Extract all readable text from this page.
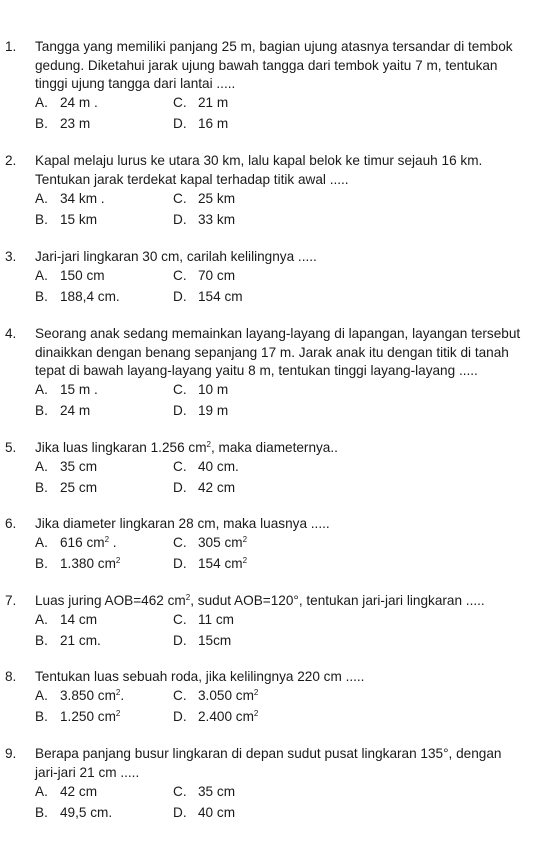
1. Tangga yang memiliki panjang 25 m, bagian ujung atasnya tersandar di tembok
gedung. Diketahui jarak ujung bawah tangga dari tembok yaitu 7 m, tentukan
tinggi ujung tangga dari lantai .....
A. 24 m .	C. 21 m
B. 23 m	D. 16 m
2. Kapal melaju lurus ke utara 30 km, lalu kapal belok ke timur sejauh 16 km.
Tentukan jarak terdekat kapal terhadap titik awal .....
A. 34 km .	C. 25 km
B. 15 km	D. 33 km
3. Jari-jari lingkaran 30 cm, carilah kelilingnya .....
A. 150 cm	C. 70 cm
B. 188,4 cm.	D. 154 cm
4. Seorang anak sedang memainkan layang-layang di lapangan, layangan tersebut
dinaikkan dengan benang sepanjang 17 m. Jarak anak itu dengan titik di tanah
tepat di bawah layang-layang yaitu 8 m, tentukan tinggi layang-layang .....
A. 15 m .	C. 10 m
B. 24 m	D. 19 m
5. Jika luas lingkaran 1.256 $cm^2$, maka diameternya..
A. 35 cm	C. 40 cm.
B. 25 cm	D. 42 cm
6. Jika diameter lingkaran 28 cm, maka luasnya .....
A. 616 $cm^2$ .	C. 305 $cm^2$
B. 1.380 $cm^2$	D. 154 $cm^2$
7. Luas juring AOB=462 $cm^2$, sudut AOB=120°, tentukan jari-jari lingkaran .....
A. 14 cm	C. 11 cm
B. 21 cm.	D. 15cm
8. Tentukan luas sebuah roda, jika kelilingnya 220 cm .....
A. 3.850 $cm^2$.	C. 3.050 $cm^2$
B. 1.250 $cm^2$	D. 2.400 $cm^2$
9. Berapa panjang busur lingkaran di depan sudut pusat lingkaran 135°, dengan
jari-jari 21 cm .....
A. 42 cm	C. 35 cm
B. 49,5 cm.	D. 40 cm
